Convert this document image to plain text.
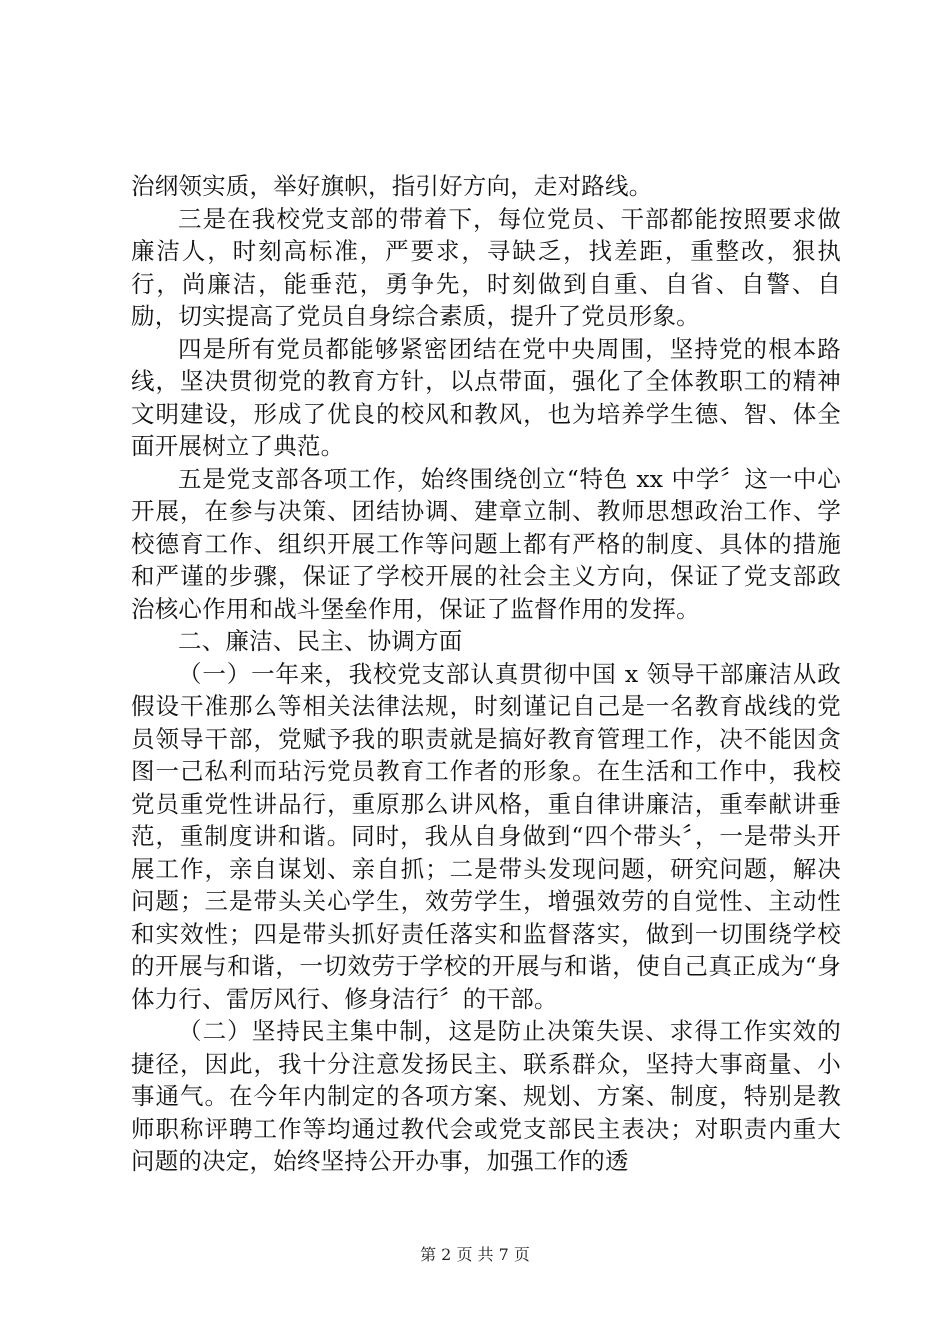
治纲领实质，举好旗帜，指引好方向，走对路线。

三是在我校党支部的带着下，每位党员、干部都能按照要求做廉洁人，时刻高标准，严要求，寻缺乏，找差距，重整改，狠执行，尚廉洁，能垂范，勇争先，时刻做到自重、自省、自警、自励，切实提高了党员自身综合素质，提升了党员形象。

四是所有党员都能够紧密团结在党中央周围，坚持党的根本路线，坚决贯彻党的教育方针，以点带面，强化了全体教职工的精神文明建设，形成了优良的校风和教风，也为培养学生德、智、体全面开展树立了典范。

五是党支部各项工作，始终围绕创立“特色 xx 中学〞这一中心开展，在参与决策、团结协调、建章立制、教师思想政治工作、学校德育工作、组织开展工作等问题上都有严格的制度、具体的措施和严谨的步骤，保证了学校开展的社会主义方向，保证了党支部政治核心作用和战斗堡垒作用，保证了监督作用的发挥。

二、廉洁、民主、协调方面

（一）一年来，我校党支部认真贯彻中国 x 领导干部廉洁从政假设干准那么等相关法律法规，时刻谨记自己是一名教育战线的党员领导干部，党赋予我的职责就是搞好教育管理工作，决不能因贪图一己私利而玷污党员教育工作者的形象。在生活和工作中，我校党员重党性讲品行，重原那么讲风格，重自律讲廉洁，重奉献讲垂范，重制度讲和谐。同时，我从自身做到“四个带头〞，一是带头开展工作，亲自谋划、亲自抓；二是带头发现问题，研究问题，解决问题；三是带头关心学生，效劳学生，增强效劳的自觉性、主动性和实效性；四是带头抓好责任落实和监督落实，做到一切围绕学校的开展与和谐，一切效劳于学校的开展与和谐，使自己真正成为“身体力行、雷厉风行、修身洁行〞的干部。

（二）坚持民主集中制，这是防止决策失误、求得工作实效的捷径，因此，我十分注意发扬民主、联系群众，坚持大事商量、小事通气。在今年内制定的各项方案、规划、方案、制度，特别是教师职称评聘工作等均通过教代会或党支部民主表决；对职责内重大问题的决定，始终坚持公开办事，加强工作的透

第 2 页 共 7 页
